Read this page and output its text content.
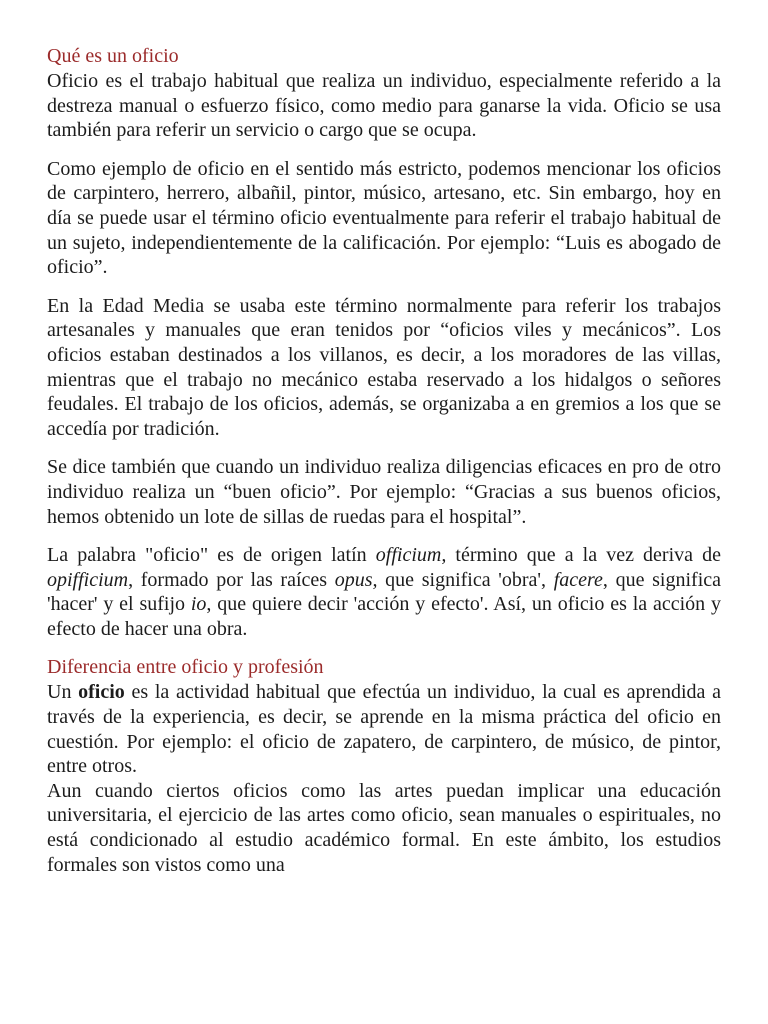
Qué es un oficio

Oficio es el trabajo habitual que realiza un individuo, especialmente referido a la destreza manual o esfuerzo físico, como medio para ganarse la vida. Oficio se usa también para referir un servicio o cargo que se ocupa.

Como ejemplo de oficio en el sentido más estricto, podemos mencionar los oficios de carpintero, herrero, albañil, pintor, músico, artesano, etc. Sin embargo, hoy en día se puede usar el término oficio eventualmente para referir el trabajo habitual de un sujeto, independientemente de la calificación. Por ejemplo: “Luis es abogado de oficio”.

En la Edad Media se usaba este término normalmente para referir los trabajos artesanales y manuales que eran tenidos por “oficios viles y mecánicos”. Los oficios estaban destinados a los villanos, es decir, a los moradores de las villas, mientras que el trabajo no mecánico estaba reservado a los hidalgos o señores feudales. El trabajo de los oficios, además, se organizaba a en gremios a los que se accedía por tradición.

Se dice también que cuando un individuo realiza diligencias eficaces en pro de otro individuo realiza un “buen oficio”. Por ejemplo: “Gracias a sus buenos oficios, hemos obtenido un lote de sillas de ruedas para el hospital”.

La palabra "oficio" es de origen latín officium, término que a la vez deriva de opifficium, formado por las raíces opus, que significa 'obra', facere, que significa 'hacer' y el sufijo io, que quiere decir 'acción y efecto'. Así, un oficio es la acción y efecto de hacer una obra.

Diferencia entre oficio y profesión

Un oficio es la actividad habitual que efectúa un individuo, la cual es aprendida a través de la experiencia, es decir, se aprende en la misma práctica del oficio en cuestión. Por ejemplo: el oficio de zapatero, de carpintero, de músico, de pintor, entre otros.

Aun cuando ciertos oficios como las artes puedan implicar una educación universitaria, el ejercicio de las artes como oficio, sean manuales o espirituales, no está condicionado al estudio académico formal. En este ámbito, los estudios formales son vistos como una
